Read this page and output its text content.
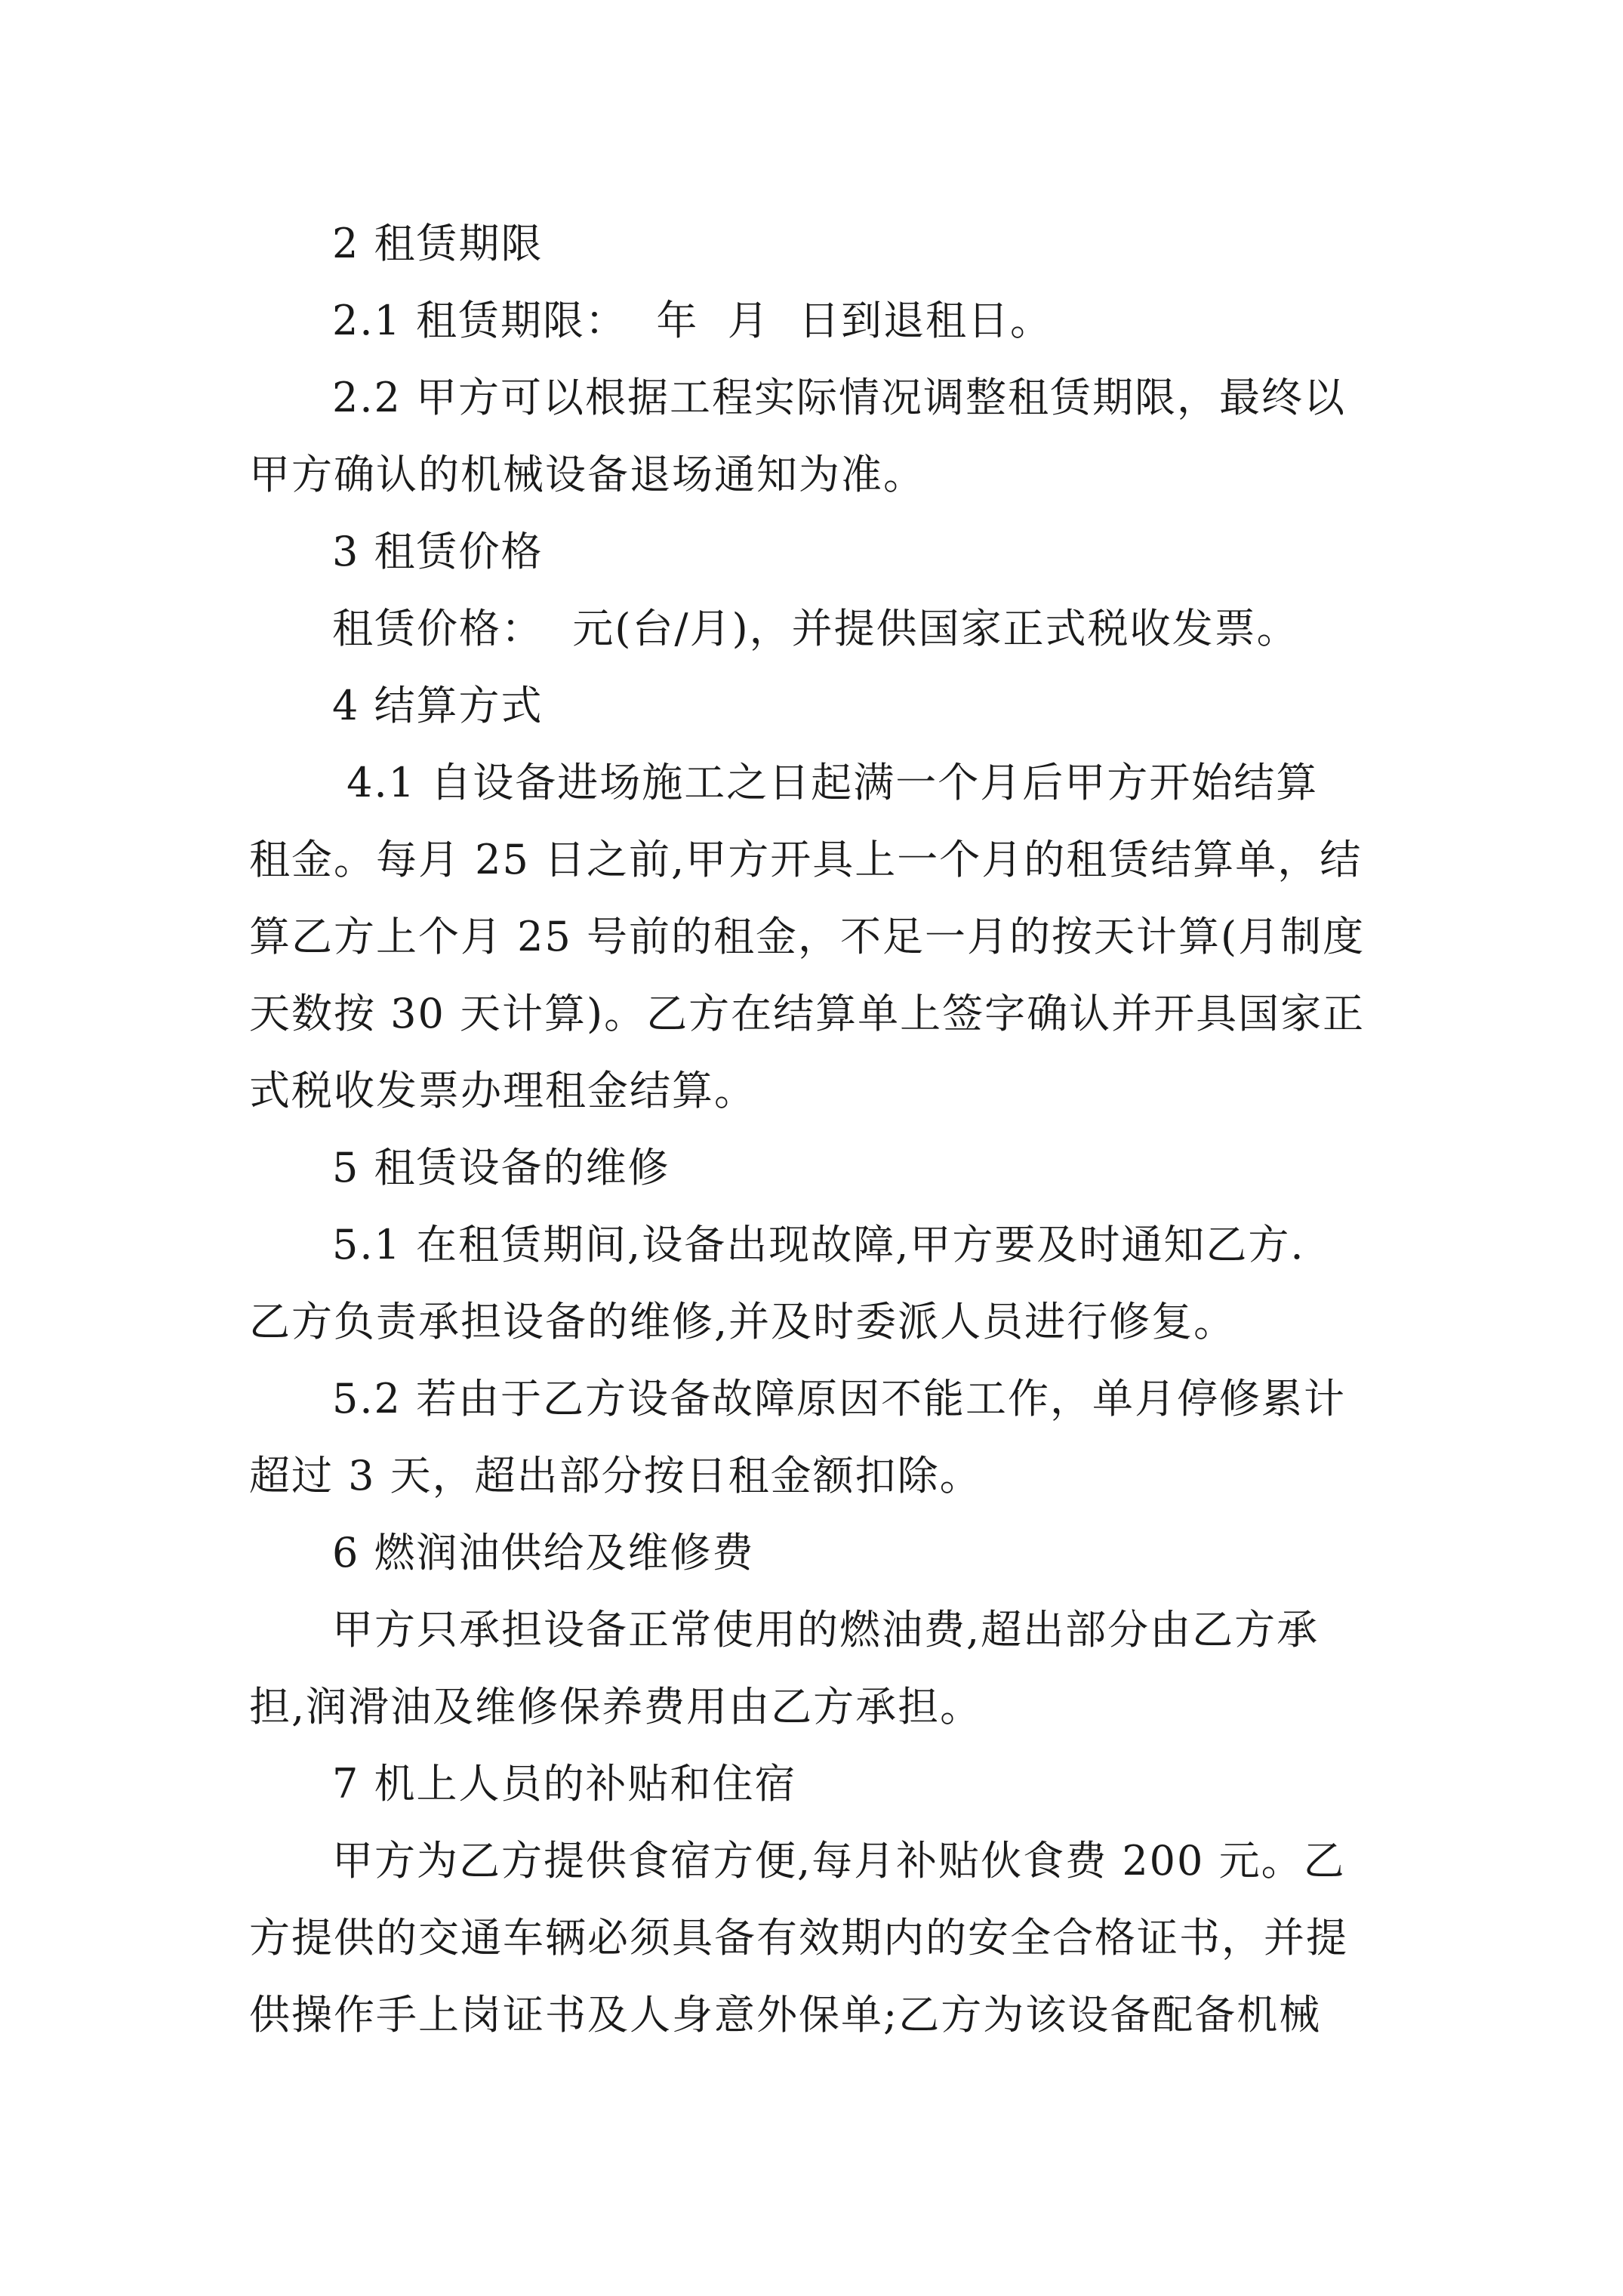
2 租赁期限
2.1 租赁期限：  年  月  日到退租日。
2.2 甲方可以根据工程实际情况调整租赁期限，最终以
甲方确认的机械设备退场通知为准。
3 租赁价格
租赁价格：  元(台/月)，并提供国家正式税收发票。
4 结算方式
4.1 自设备进场施工之日起满一个月后甲方开始结算
租金。每月 25 日之前,甲方开具上一个月的租赁结算单，结
算乙方上个月 25 号前的租金，不足一月的按天计算(月制度
天数按 30 天计算)。乙方在结算单上签字确认并开具国家正
式税收发票办理租金结算。
5 租赁设备的维修
5.1 在租赁期间,设备出现故障,甲方要及时通知乙方.
乙方负责承担设备的维修,并及时委派人员进行修复。
5.2 若由于乙方设备故障原因不能工作，单月停修累计
超过 3 天，超出部分按日租金额扣除。
6 燃润油供给及维修费
甲方只承担设备正常使用的燃油费,超出部分由乙方承
担,润滑油及维修保养费用由乙方承担。
7 机上人员的补贴和住宿
甲方为乙方提供食宿方便,每月补贴伙食费 200 元。乙
方提供的交通车辆必须具备有效期内的安全合格证书，并提
供操作手上岗证书及人身意外保单;乙方为该设备配备机械
